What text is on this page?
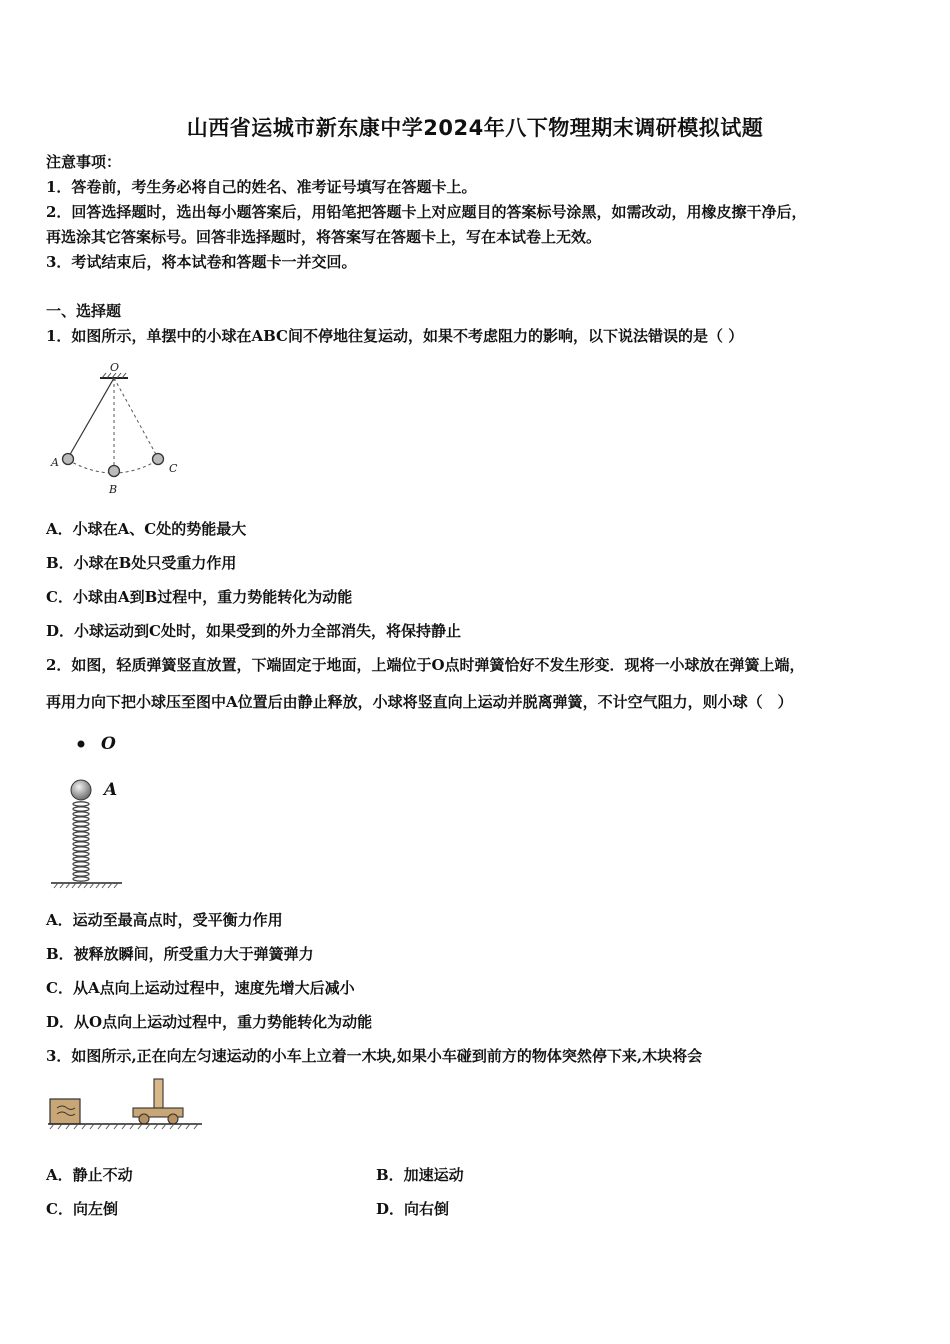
山西省运城市新东康中学2024年八下物理期末调研模拟试题
注意事项：
1．答卷前，考生务必将自己的姓名、准考证号填写在答题卡上。
2．回答选择题时，选出每小题答案后，用铅笔把答题卡上对应题目的答案标号涂黑，如需改动，用橡皮擦干净后，
再选涂其它答案标号。回答非选择题时，将答案写在答题卡上，写在本试卷上无效。
3．考试结束后，将本试卷和答题卡一并交回。
一、选择题
1．如图所示，单摆中的小球在ABC间不停地往复运动，如果不考虑阻力的影响，以下说法错误的是（ ）
O
A
B
C
A．小球在A、C处的势能最大
B．小球在B处只受重力作用
C．小球由A到B过程中，重力势能转化为动能
D．小球运动到C处时，如果受到的外力全部消失，将保持静止
2．如图，轻质弹簧竖直放置，下端固定于地面，上端位于O点时弹簧恰好不发生形变．现将一小球放在弹簧上端，
再用力向下把小球压至图中A位置后由静止释放，小球将竖直向上运动并脱离弹簧，不计空气阻力，则小球（　）
O
A
A．运动至最高点时，受平衡力作用
B．被释放瞬间，所受重力大于弹簧弹力
C．从A点向上运动过程中，速度先增大后减小
D．从O点向上运动过程中，重力势能转化为动能
3．如图所示,正在向左匀速运动的小车上立着一木块,如果小车碰到前方的物体突然停下来,木块将会
A．静止不动	B．加速运动
C．向左倒	D．向右倒
